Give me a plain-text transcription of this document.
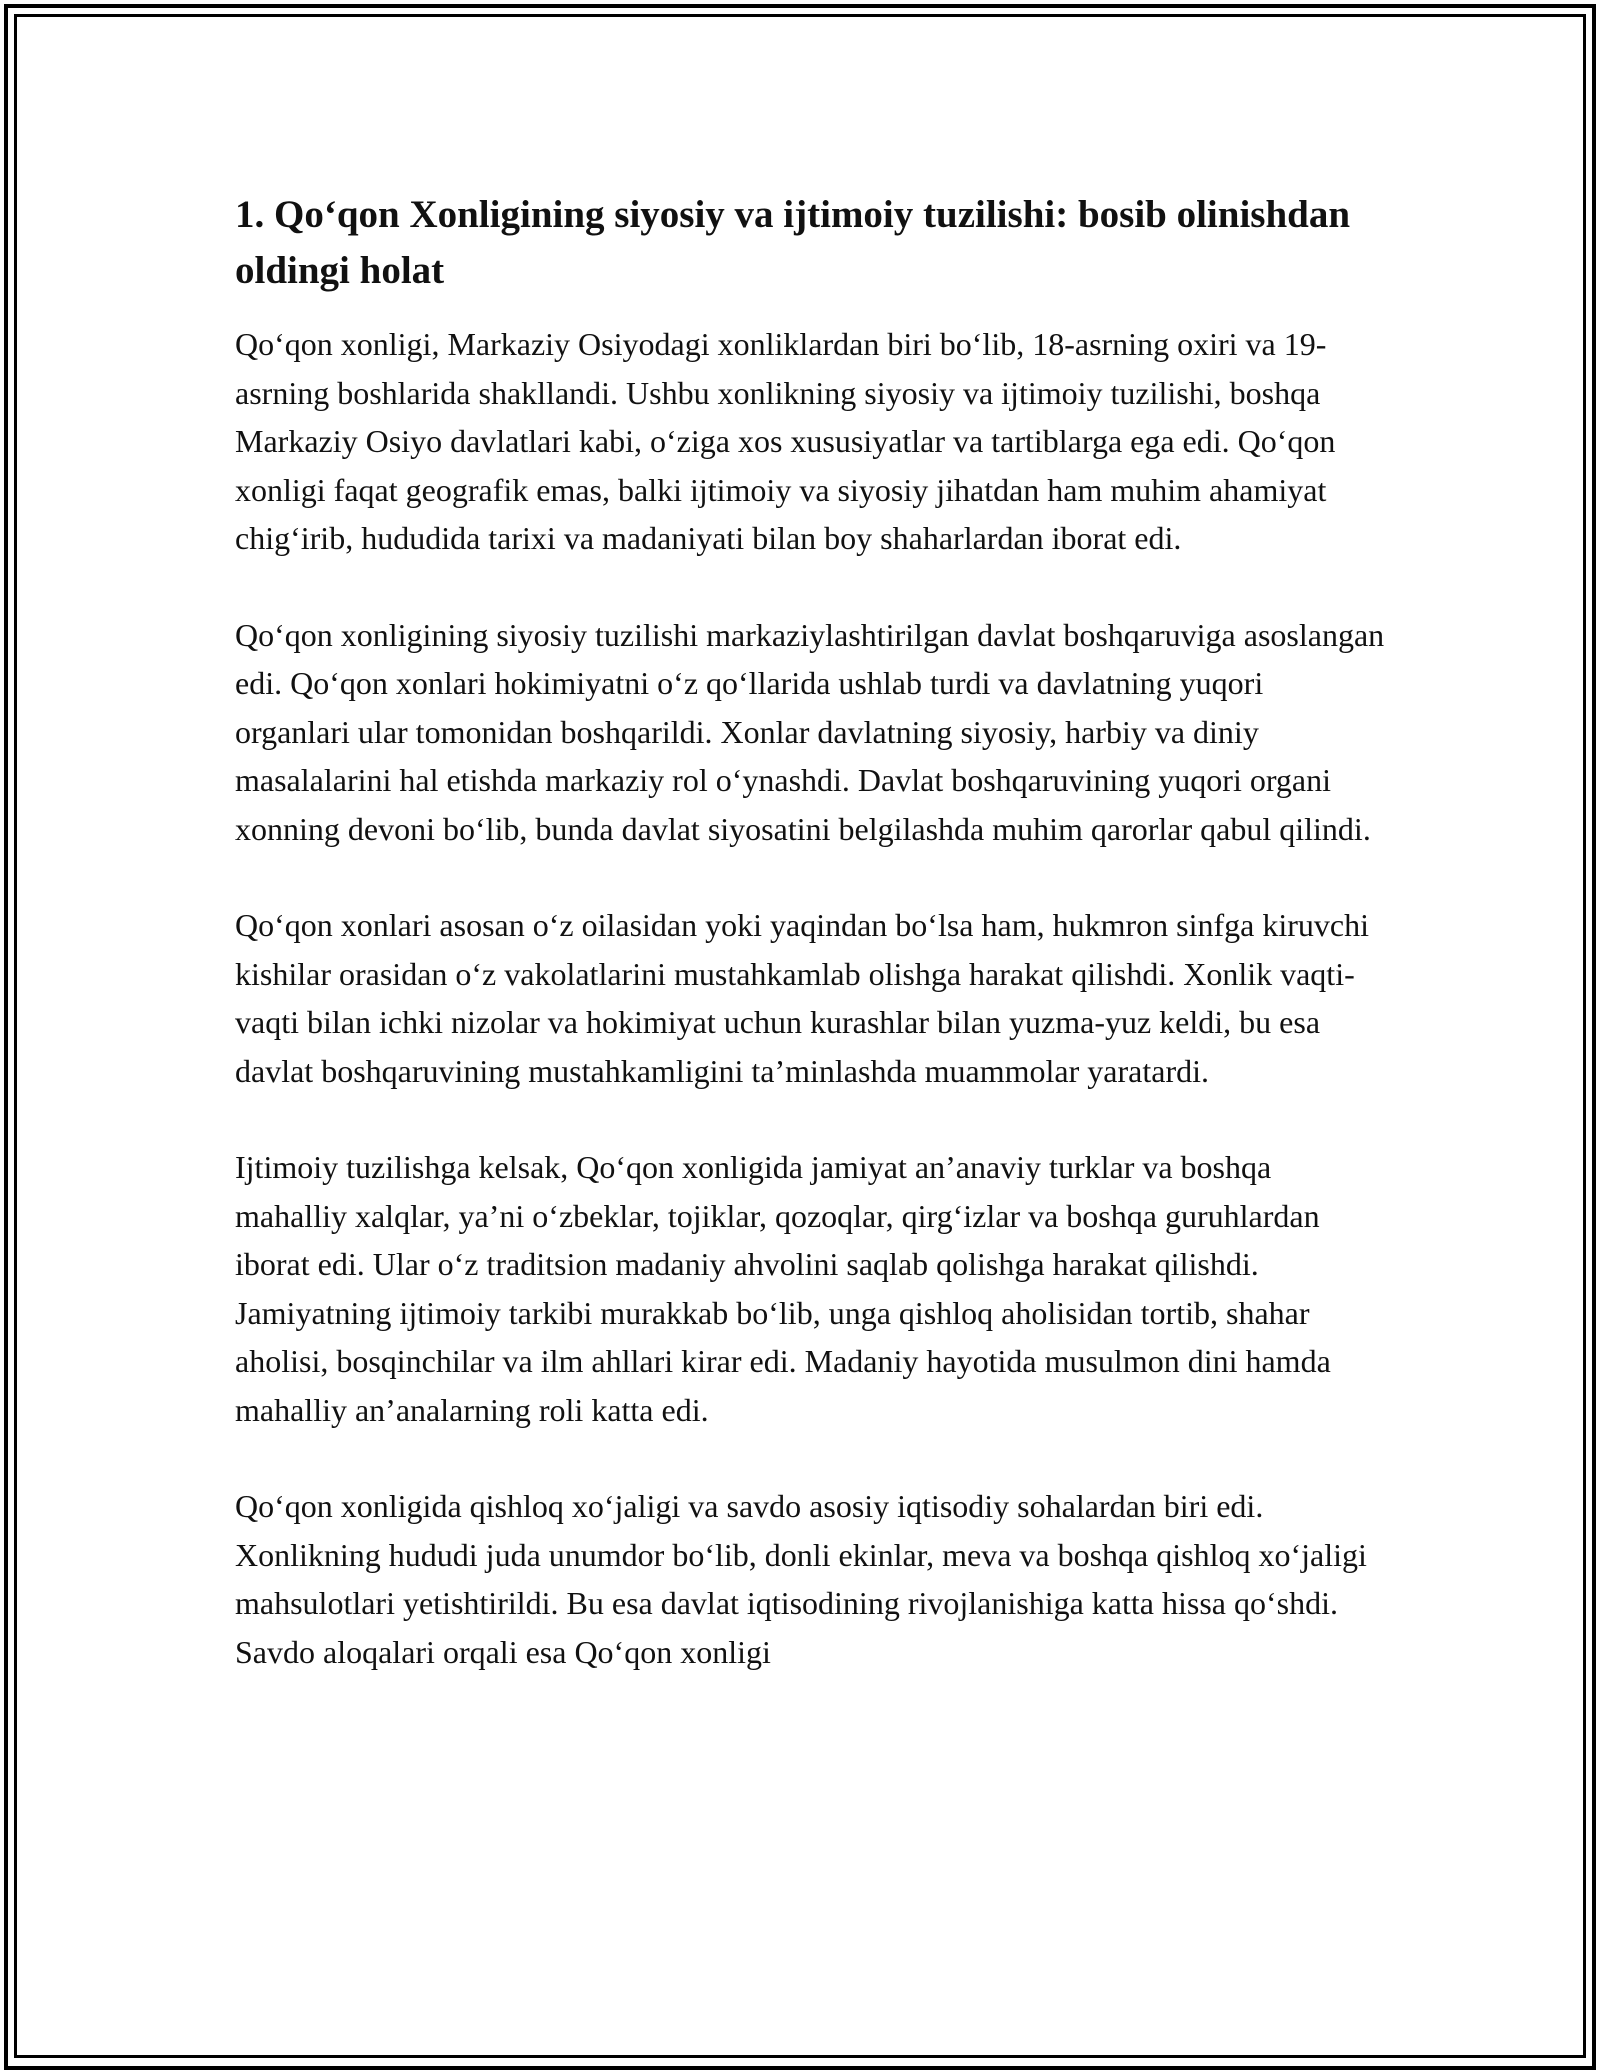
1. Qo‘qon Xonligining siyosiy va ijtimoiy tuzilishi: bosib olinishdan oldingi holat

Qo‘qon xonligi, Markaziy Osiyodagi xonliklardan biri bo‘lib, 18-asrning oxiri va 19-asrning boshlarida shakllandi. Ushbu xonlikning siyosiy va ijtimoiy tuzilishi, boshqa Markaziy Osiyo davlatlari kabi, o‘ziga xos xususiyatlar va tartiblarga ega edi. Qo‘qon xonligi faqat geografik emas, balki ijtimoiy va siyosiy jihatdan ham muhim ahamiyat chig‘irib, hududida tarixi va madaniyati bilan boy shaharlardan iborat edi.

Qo‘qon xonligining siyosiy tuzilishi markaziylashtirilgan davlat boshqaruviga asoslangan edi. Qo‘qon xonlari hokimiyatni o‘z qo‘llarida ushlab turdi va davlatning yuqori organlari ular tomonidan boshqarildi. Xonlar davlatning siyosiy, harbiy va diniy masalalarini hal etishda markaziy rol o‘ynashdi. Davlat boshqaruvining yuqori organi xonning devoni bo‘lib, bunda davlat siyosatini belgilashda muhim qarorlar qabul qilindi.

Qo‘qon xonlari asosan o‘z oilasidan yoki yaqindan bo‘lsa ham, hukmron sinfga kiruvchi kishilar orasidan o‘z vakolatlarini mustahkamlab olishga harakat qilishdi. Xonlik vaqti-vaqti bilan ichki nizolar va hokimiyat uchun kurashlar bilan yuzma-yuz keldi, bu esa davlat boshqaruvining mustahkamligini ta’minlashda muammolar yaratardi.

Ijtimoiy tuzilishga kelsak, Qo‘qon xonligida jamiyat an’anaviy turklar va boshqa mahalliy xalqlar, ya’ni o‘zbeklar, tojiklar, qozoqlar, qirg‘izlar va boshqa guruhlardan iborat edi. Ular o‘z traditsion madaniy ahvolini saqlab qolishga harakat qilishdi. Jamiyatning ijtimoiy tarkibi murakkab bo‘lib, unga qishloq aholisidan tortib, shahar aholisi, bosqinchilar va ilm ahllari kirar edi. Madaniy hayotida musulmon dini hamda mahalliy an’analarning roli katta edi.

Qo‘qon xonligida qishloq xo‘jaligi va savdo asosiy iqtisodiy sohalardan biri edi. Xonlikning hududi juda unumdor bo‘lib, donli ekinlar, meva va boshqa qishloq xo‘jaligi mahsulotlari yetishtirildi. Bu esa davlat iqtisodining rivojlanishiga katta hissa qo‘shdi. Savdo aloqalari orqali esa Qo‘qon xonligi
